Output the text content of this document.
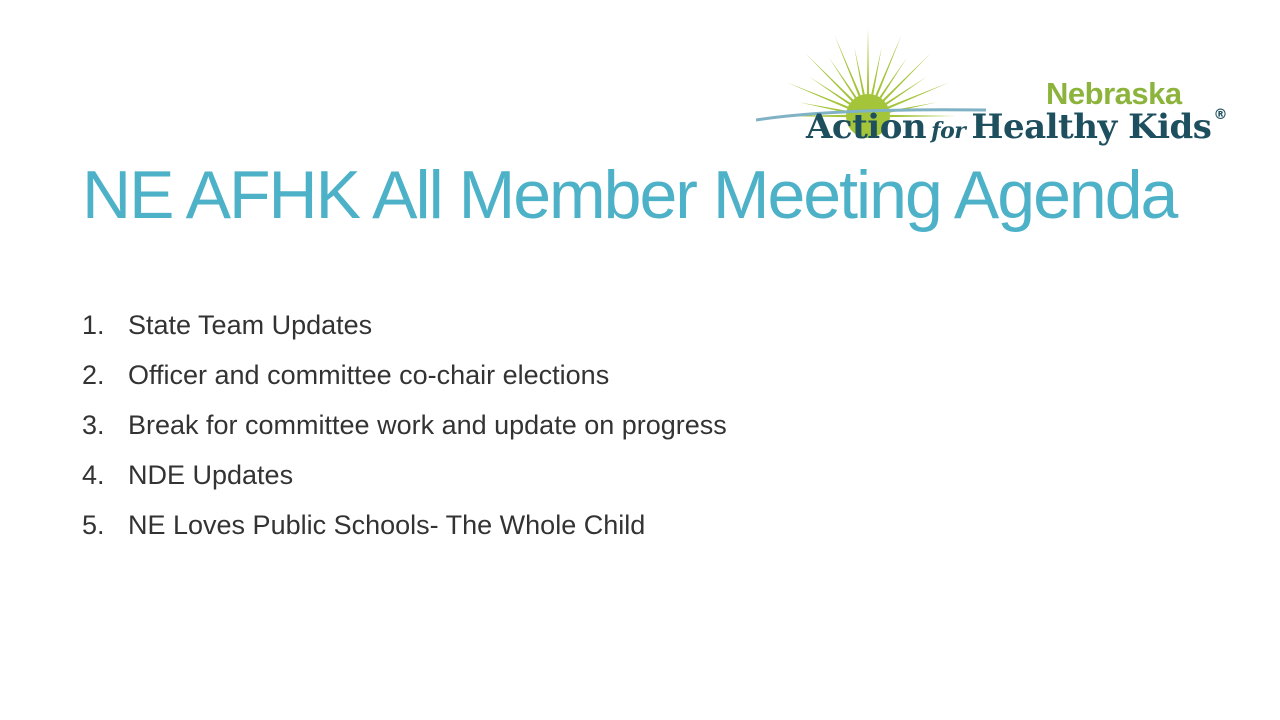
Nebraska
Action for Healthy Kids ®
NE AFHK All Member Meeting Agenda
1. State Team Updates
2. Officer and committee co-chair elections
3. Break for committee work and update on progress
4. NDE Updates
5. NE Loves Public Schools- The Whole Child
